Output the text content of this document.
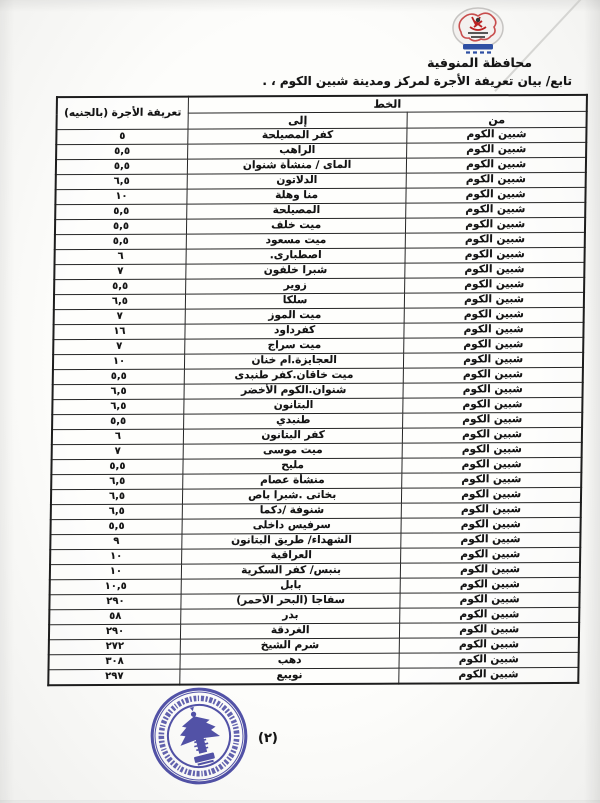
محافظة المنوفية
تابع/ بيان تعريفة الأجرة لمركز ومدينة شبين الكوم ، .
الخط		تعريفة الأجرة (بالجنيه)
من	إلى	
شبين الكوم	كفر المصيلحة	٥
شبين الكوم	الراهب	٥,٥
شبين الكوم	الماى / منشأة شنوان	٥,٥
شبين الكوم	الدلاتون	٦,٥
شبين الكوم	منا وهلة	١٠
شبين الكوم	المصيلحة	٥,٥
شبين الكوم	ميت خلف	٥,٥
شبين الكوم	ميت مسعود	٥,٥
شبين الكوم	اصطبارى.	٦
شبين الكوم	شبرا خلفون	٧
شبين الكوم	زوير	٥,٥
شبين الكوم	سلكا	٦,٥
شبين الكوم	ميت الموز	٧
شبين الكوم	كفرداود	١٦
شبين الكوم	ميت سراج	٧
شبين الكوم	العجايزة.ام خنان	١٠
شبين الكوم	ميت خاقان.كفر طنبدى	٥,٥
شبين الكوم	شنوان.الكوم الأخضر	٦,٥
شبين الكوم	البتانون	٦,٥
شبين الكوم	طنبدي	٥,٥
شبين الكوم	كفر البتانون	٦
شبين الكوم	ميت موسى	٧
شبين الكوم	مليح	٥,٥
شبين الكوم	منشأة عصام	٦,٥
شبين الكوم	بخاتى .شبرا باص	٦,٥
شبين الكوم	شنوفة /دكما	٦,٥
شبين الكوم	سرفيس داخلى	٥,٥
شبين الكوم	الشهداء/ طريق البتانون	٩
شبين الكوم	العراقية	١٠
شبين الكوم	بنبس/ كفر السكرية	١٠
شبين الكوم	بابل	١٠,٥
شبين الكوم	سفاجا (البحر الأحمر)	٢٩٠
شبين الكوم	بدر	٥٨
شبين الكوم	الغردقة	٢٩٠
شبين الكوم	شرم الشيخ	٢٧٢
شبين الكوم	دهب	٣٠٨
شبين الكوم	نويبع	٢٩٧
(٢)
